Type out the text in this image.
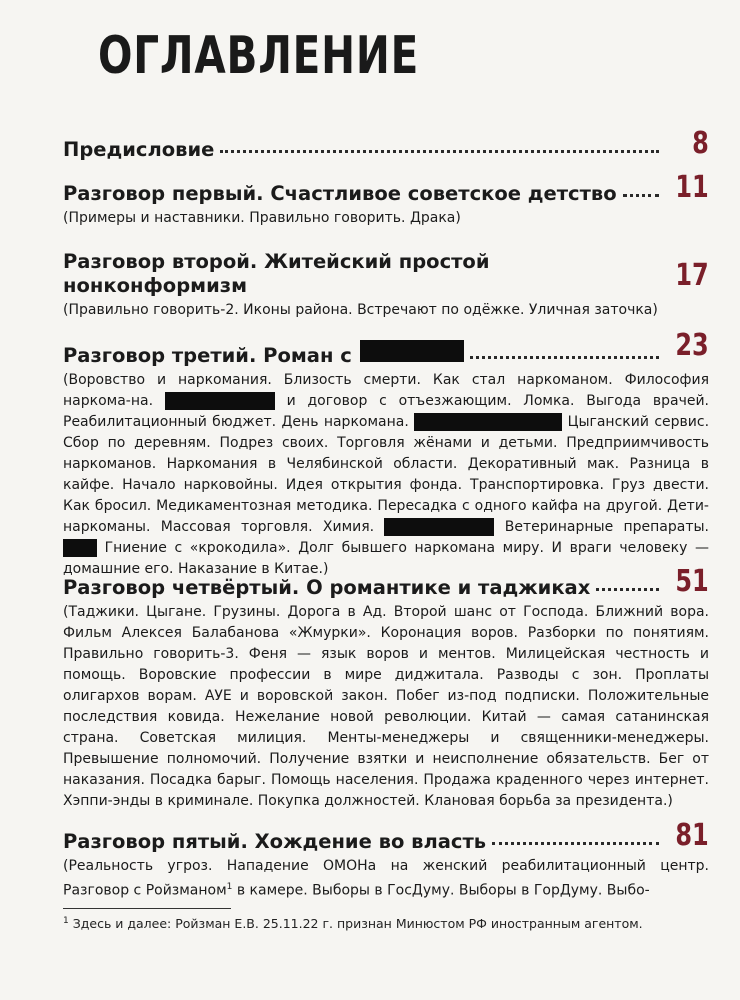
ОГЛАВЛЕНИЕ
Предисловие	8
Разговор первый. Счастливое советское детство 11
(Примеры и наставники. Правильно говорить. Драка)
Разговор второй. Житейский простой
нонконформизм	17
(Правильно говорить-2. Иконы района. Встречают по одёжке. Уличная заточка)
Разговор третий. Роман с	23
(Воровство и наркомания. Близость смерти. Как стал наркоманом. Философия наркома-на.	и договор с отъезжающим. Ломка. Выгода врачей. Реабилитационный бюджет. День наркомана.	Цыганский сервис. Сбор по деревням. Подрез своих. Торговля жёнами и детьми. Предприимчивость наркоманов. Наркомания в Челябинской области. Декоративный мак. Разница в кайфе. Начало нарковойны. Идея открытия фонда. Транспортировка. Груз двести. Как бросил. Медикаментозная методика. Пересадка с одного кайфа на другой. Дети-наркоманы. Массовая торговля. Химия.	Ветеринарные препараты.  Гниение с «крокодила». Долг бывшего наркомана миру. И враги человеку — домашние его. Наказание в Китае.)
Разговор четвёртый. О романтике и таджиках	51
(Таджики. Цыгане. Грузины. Дорога в Ад. Второй шанс от Господа. Ближний вора. Фильм Алексея Балабанова «Жмурки». Коронация воров. Разборки по понятиям. Правильно говорить-3. Феня — язык воров и ментов. Милицейская честность и помощь. Воровские профессии в мире диджитала. Разводы с зон. Проплаты олигархов ворам. АУЕ и воровской закон. Побег из-под подписки. Положительные последствия ковида. Нежелание новой революции. Китай — самая сатанинская страна. Советская милиция. Менты-менеджеры и священники-менеджеры. Превышение полномочий. Получение взятки и неисполнение обязательств. Бег от наказания. Посадка барыг. Помощь населения. Продажа краденного через интернет. Хэппи-энды в криминале. Покупка должностей. Клановая борьба за президента.)
Разговор пятый. Хождение во власть	81
(Реальность угроз. Нападение ОМОНа на женский реабилитационный центр. Разговор с Ройзманом$^1$ в камере. Выборы в ГосДуму. Выборы в ГорДуму. Выбо-
$^1$ Здесь и далее: Ройзман Е.В. 25.11.22 г. признан Минюстом РФ иностранным агентом.
